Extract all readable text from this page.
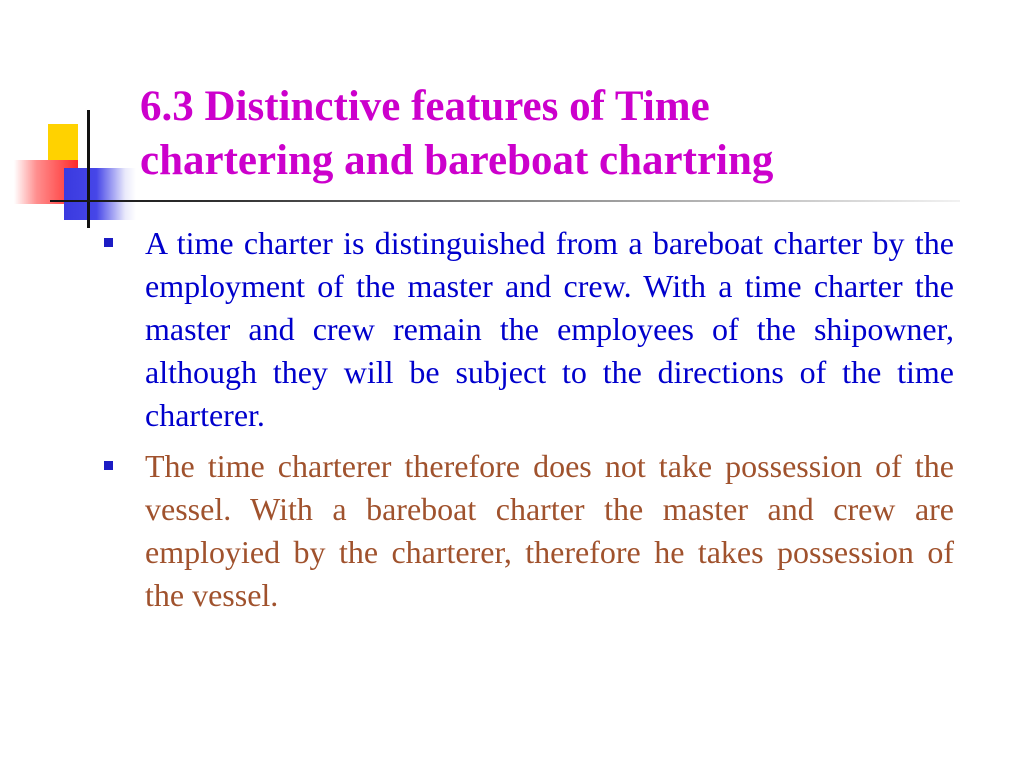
6.3 Distinctive features of Time
chartering and bareboat chartring
A time charter is distinguished from a bareboat charter by the employment of the master and crew. With a time charter the master and crew remain the employees of the shipowner, although they will be subject to the directions of the time charterer.
The time charterer therefore does not take possession of the vessel. With a bareboat charter the master and crew are employied by the charterer, therefore he takes possession of the vessel.
